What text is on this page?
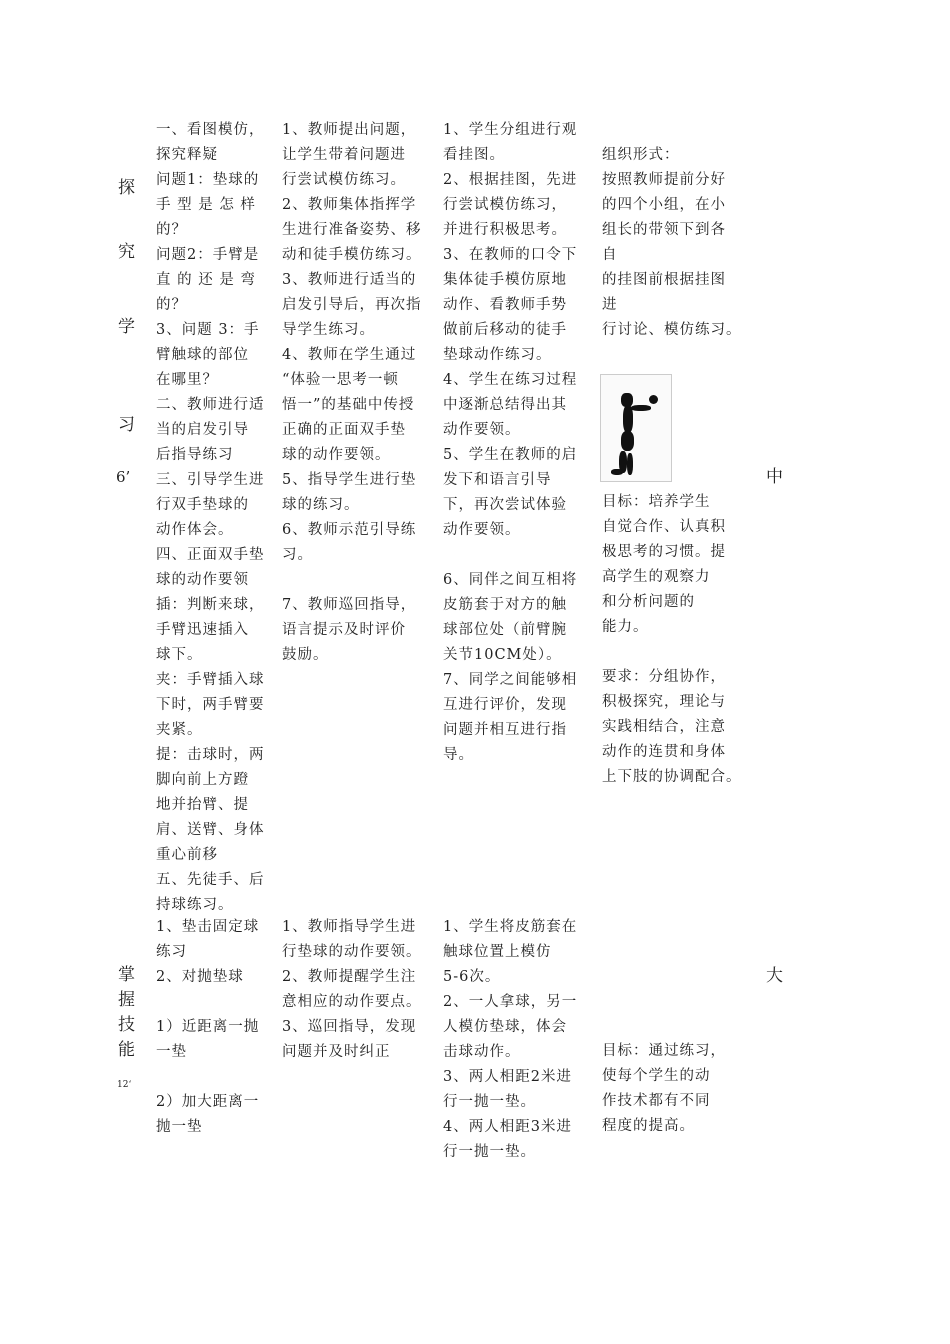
探
究
学
习
6’
一、看图模仿，
探究释疑
问题1：垫球的
手 型 是 怎 样
的？
问题2：手臂是
直 的 还 是 弯
的？
3、问题 3：手
臂触球的部位
在哪里？
二、教师进行适
当的启发引导
后指导练习
三、引导学生进
行双手垫球的
动作体会。
四、正面双手垫
球的动作要领
插：判断来球，
手臂迅速插入
球下。
夹：手臂插入球
下时，两手臂要
夹紧。
提：击球时，两
脚向前上方蹬
地并抬臂、提
肩、送臂、身体
重心前移
五、先徒手、后
持球练习。
1、教师提出问题，
让学生带着问题进
行尝试模仿练习。
2、教师集体指挥学
生进行准备姿势、移
动和徒手模仿练习。
3、教师进行适当的
启发引导后，再次指
导学生练习。
4、教师在学生通过
“体验一思考一顿
悟一”的基础中传授
正确的正面双手垫
球的动作要领。
5、指导学生进行垫
球的练习。
6、教师示范引导练
习。
7、教师巡回指导，
语言提示及时评价
鼓励。
1、学生分组进行观
看挂图。
2、根据挂图，先进
行尝试模仿练习，
并进行积极思考。
3、在教师的口令下
集体徒手模仿原地
动作、看教师手势
做前后移动的徒手
垫球动作练习。
4、学生在练习过程
中逐渐总结得出其
动作要领。
5、学生在教师的启
发下和语言引导
下，再次尝试体验
动作要领。
6、同伴之间互相将
皮筋套于对方的触
球部位处（前臂腕
关节10CM处）。
7、同学之间能够相
互进行评价，发现
问题并相互进行指
导。
组织形式：
按照教师提前分好
的四个小组，在小
组长的带领下到各
自
的挂图前根据挂图
进
行讨论、模仿练习。
目标：培养学生
自觉合作、认真积
极思考的习惯。提
高学生的观察力
和分析问题的
能力。
要求：分组协作，
积极探究，理论与
实践相结合，注意
动作的连贯和身体
上下肢的协调配合。
中
掌
握
技
能
12‘
1、垫击固定球
练习
2、对抛垫球
1）近距离一抛
一垫
2）加大距离一
抛一垫
1、教师指导学生进
行垫球的动作要领。
2、教师提醒学生注
意相应的动作要点。
3、巡回指导，发现
问题并及时纠正
1、学生将皮筋套在
触球位置上模仿
5-6次。
2、一人拿球，另一
人模仿垫球，体会
击球动作。
3、两人相距2米进
行一抛一垫。
4、两人相距3米进
行一抛一垫。
目标：通过练习，
使每个学生的动
作技术都有不同
程度的提高。
大
